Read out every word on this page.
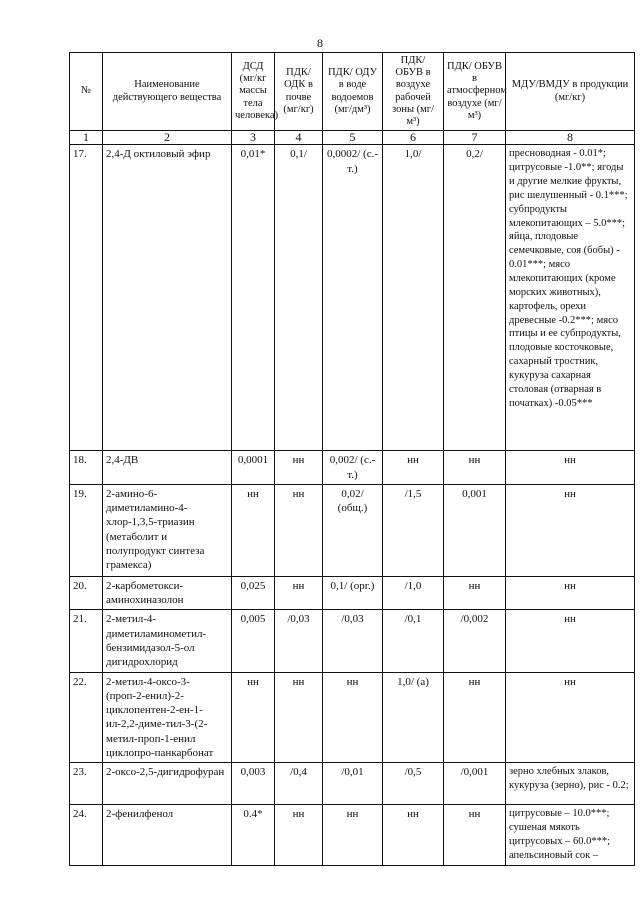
8
№	Наименование действующего вещества	ДСД (мг/кг массы тела человека)	ПДК/ ОДК в почве (мг/кг)	ПДК/ ОДУ в воде водоемов (мг/дм³)	ПДК/ ОБУВ в воздухе рабочей зоны (мг/м³)	ПДК/ ОБУВ в атмосферном воздухе (мг/м³)	МДУ/ВМДУ в продукции (мг/кг)
1	2	3	4	5	6	7	8
17.	2,4-Д октиловый эфир	0,01*	0,1/	0,0002/ (с.-т.)	1,0/	0,2/	пресноводная - 0.01*; цитрусовые -1.0**; ягоды и другие мелкие фрукты, рис шелушенный - 0.1***; субпродукты млекопитающих – 5.0***; яйца, плодовые семечковые, соя (бобы) - 0.01***; мясо млекопитающих (кроме морских животных), картофель, орехи древесные -0.2***; мясо птицы и ее субпродукты, плодовые косточковые, сахарный тростник, кукуруза сахарная столовая (отварная в початках) -0.05***
18.	2,4-ДВ	0,0001	нн	0,002/ (с.-т.)	нн	нн	нн
19.	2-амино-6-диметиламино-4-хлор-1,3,5-триазин (метаболит и полупродукт синтеза грамекса)	нн	нн	0,02/ (общ.)	/1,5	0,001	нн
20.	2-карбометокси-аминохиназолон	0,025	нн	0,1/ (орг.)	/1,0	нн	нн
21.	2-метил-4-диметиламинометил-бензимидазол-5-ол дигидрохлорид	0,005	/0,03	/0,03	/0,1	/0,002	нн
22.	2-метил-4-оксо-3-(проп-2-енил)-2-циклопентен-2-ен-1-ил-2,2-диме-тил-3-(2-метил-проп-1-енил циклопро-панкарбонат	нн	нн	нн	1,0/ (а)	нн	нн
23.	2-оксо-2,5-дигидрофуран	0,003	/0,4	/0,01	/0,5	/0,001	зерно хлебных злаков, кукуруза (зерно), рис - 0.2;
24.	2-фенилфенол	0.4*	нн	нн	нн	нн	цитрусовые – 10.0***; сушеная мякоть цитрусовых – 60.0***; апельсиновый сок –
